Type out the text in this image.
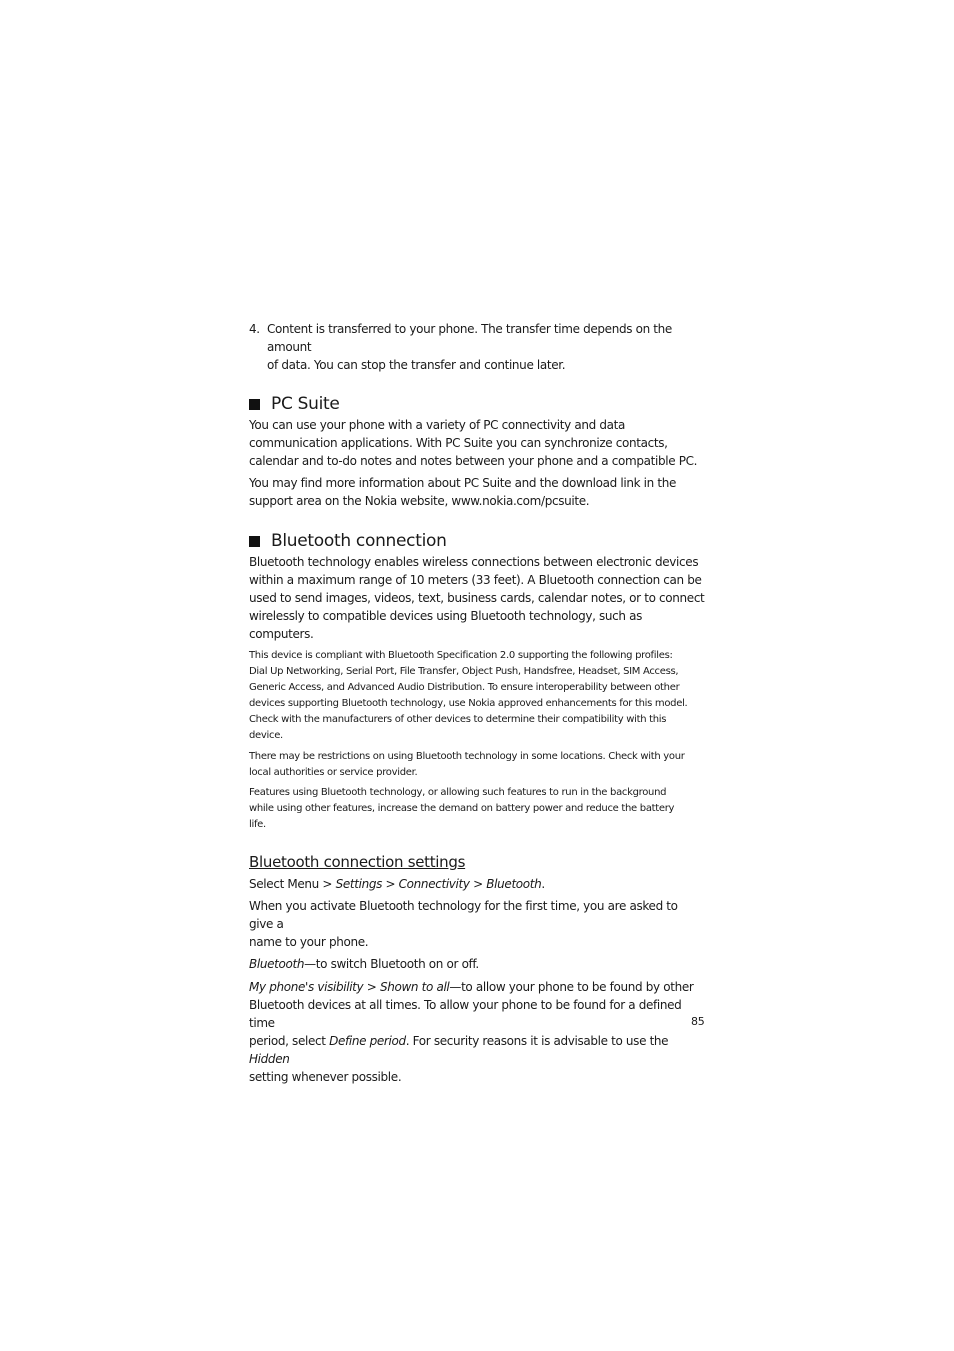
4. Content is transferred to your phone. The transfer time depends on the amount
of data. You can stop the transfer and continue later.
PC Suite

You can use your phone with a variety of PC connectivity and data
communication applications. With PC Suite you can synchronize contacts,
calendar and to-do notes and notes between your phone and a compatible PC.

You may find more information about PC Suite and the download link in the
support area on the Nokia website, www.nokia.com/pcsuite.

Bluetooth connection

Bluetooth technology enables wireless connections between electronic devices
within a maximum range of 10 meters (33 feet). A Bluetooth connection can be
used to send images, videos, text, business cards, calendar notes, or to connect
wirelessly to compatible devices using Bluetooth technology, such as computers.

This device is compliant with Bluetooth Specification 2.0 supporting the following profiles:
Dial Up Networking, Serial Port, File Transfer, Object Push, Handsfree, Headset, SIM Access,
Generic Access, and Advanced Audio Distribution. To ensure interoperability between other
devices supporting Bluetooth technology, use Nokia approved enhancements for this model.
Check with the manufacturers of other devices to determine their compatibility with this
device.

There may be restrictions on using Bluetooth technology in some locations. Check with your
local authorities or service provider.

Features using Bluetooth technology, or allowing such features to run in the background
while using other features, increase the demand on battery power and reduce the battery
life.

Bluetooth connection settings

Select Menu > Settings > Connectivity > Bluetooth.

When you activate Bluetooth technology for the first time, you are asked to give a
name to your phone.

Bluetooth—to switch Bluetooth on or off.

My phone's visibility > Shown to all—to allow your phone to be found by other
Bluetooth devices at all times. To allow your phone to be found for a defined time
period, select Define period. For security reasons it is advisable to use the Hidden
setting whenever possible.

85
